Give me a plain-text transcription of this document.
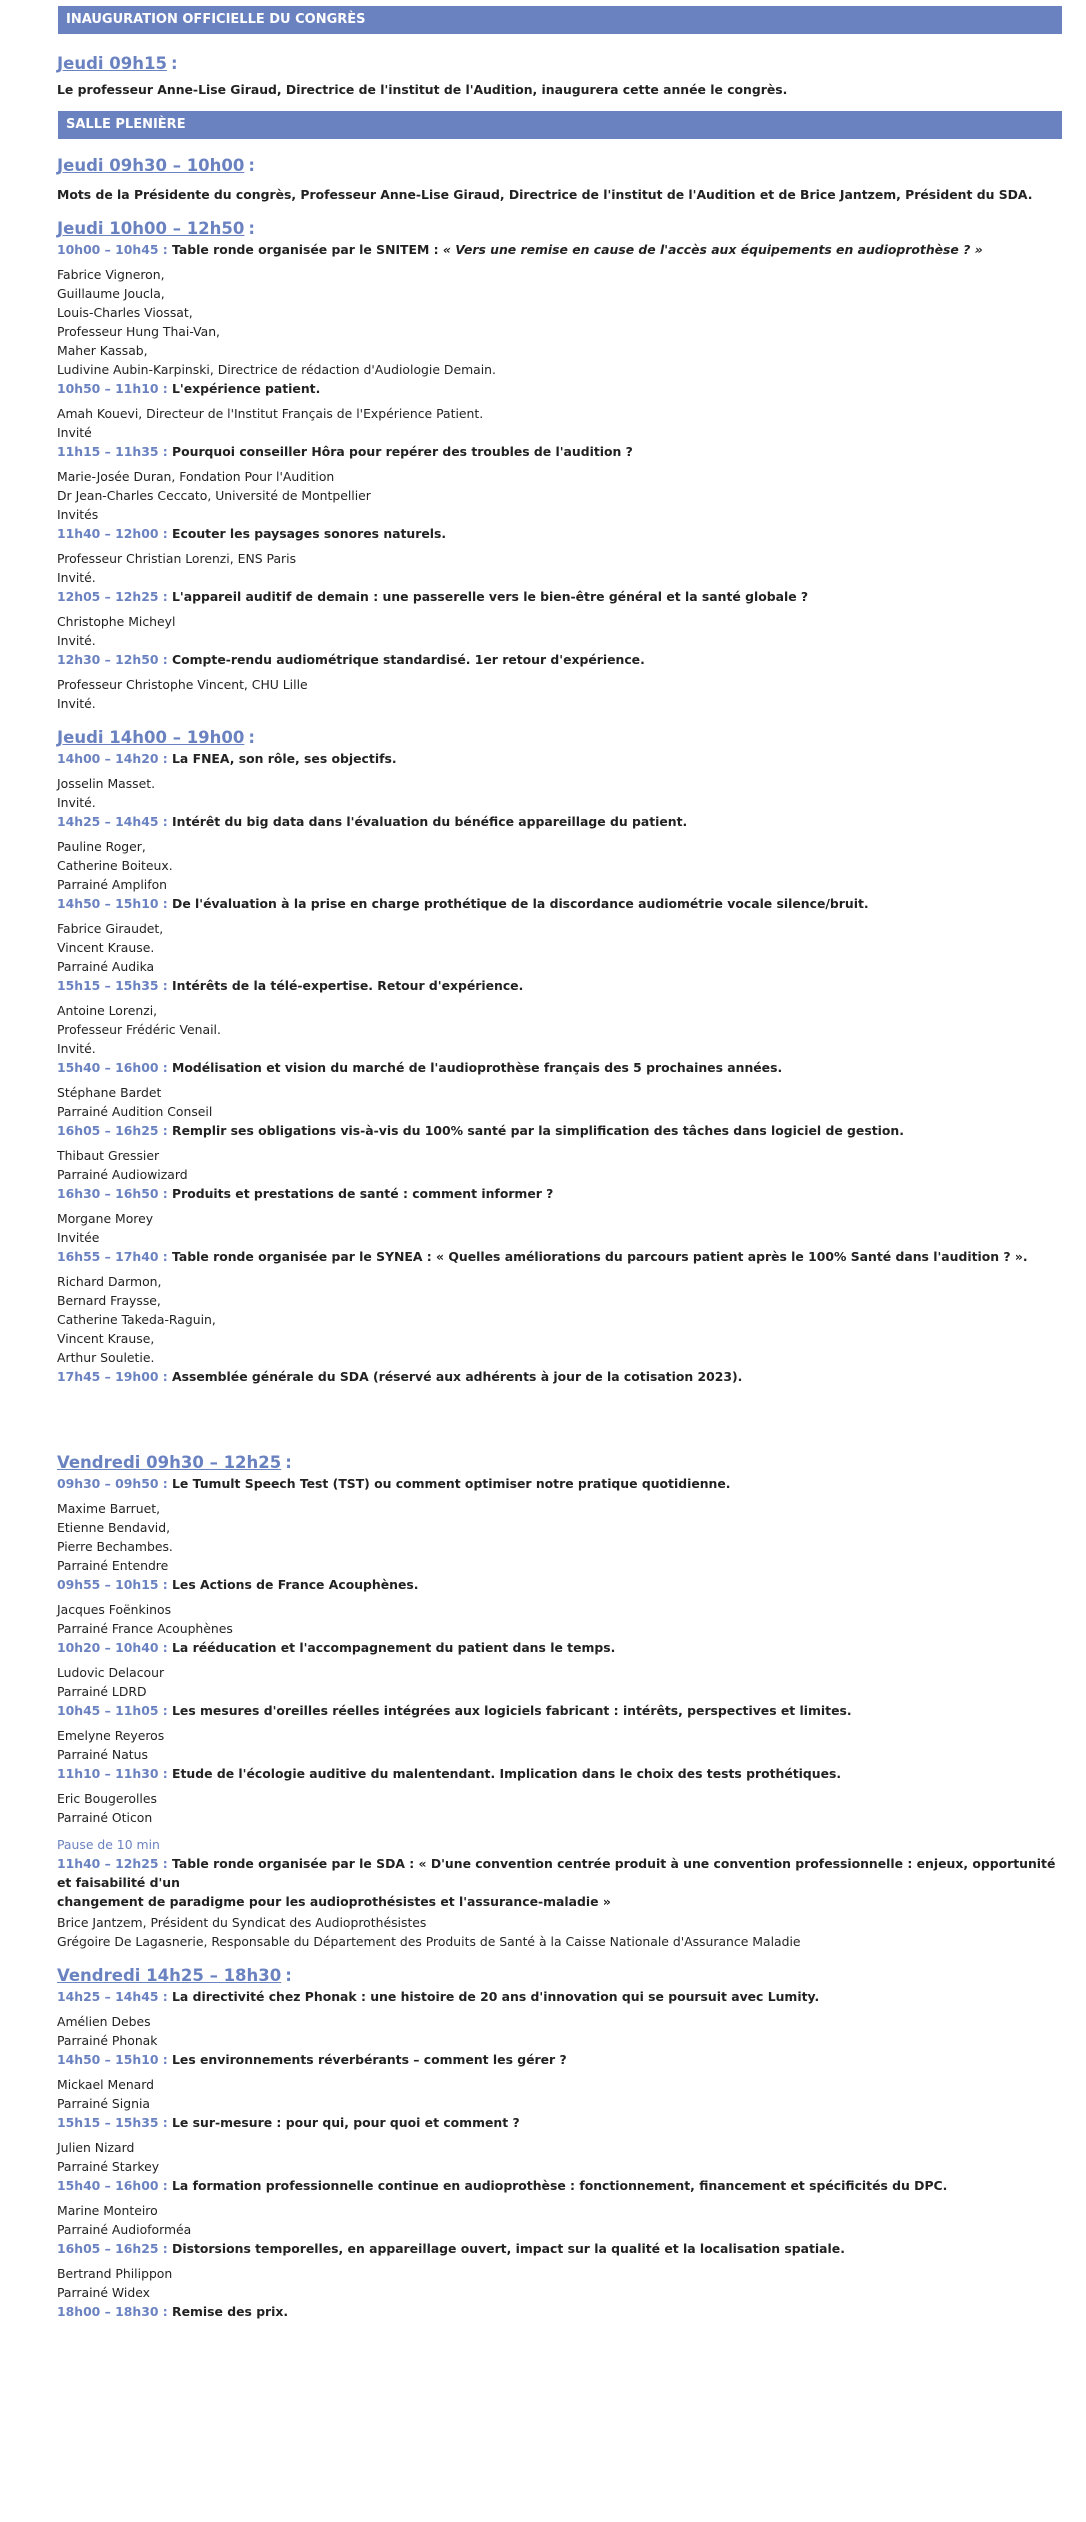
INAUGURATION OFFICIELLE DU CONGRÈS

Jeudi 09h15 :

Le professeur Anne-Lise Giraud, Directrice de l'institut de l'Audition, inaugurera cette année le congrès.

SALLE PLENIÈRE

Jeudi 09h30 – 10h00 :

Mots de la Présidente du congrès, Professeur Anne-Lise Giraud, Directrice de l'institut de l'Audition et de Brice Jantzem, Président du SDA.

Jeudi 10h00 – 12h50 :

10h00 – 10h45 : Table ronde organisée par le SNITEM : « Vers une remise en cause de l'accès aux équipements en audioprothèse ? »

Fabrice Vigneron,

Guillaume Joucla,

Louis-Charles Viossat,

Professeur Hung Thai-Van,

Maher Kassab,

Ludivine Aubin-Karpinski, Directrice de rédaction d'Audiologie Demain.

10h50 – 11h10 : L'expérience patient.

Amah Kouevi, Directeur de l'Institut Français de l'Expérience Patient.

Invité

11h15 – 11h35 : Pourquoi conseiller Hôra pour repérer des troubles de l'audition ?

Marie-Josée Duran, Fondation Pour l'Audition

Dr Jean-Charles Ceccato, Université de Montpellier

Invités

11h40 – 12h00 : Ecouter les paysages sonores naturels.

Professeur Christian Lorenzi, ENS Paris

Invité.

12h05 – 12h25 : L'appareil auditif de demain : une passerelle vers le bien-être général et la santé globale ?

Christophe Micheyl

Invité.

12h30 – 12h50 : Compte-rendu audiométrique standardisé. 1er retour d'expérience.

Professeur Christophe Vincent, CHU Lille

Invité.

Jeudi 14h00 – 19h00 :

14h00 – 14h20 : La FNEA, son rôle, ses objectifs.

Josselin Masset.

Invité.

14h25 – 14h45 : Intérêt du big data dans l'évaluation du bénéfice appareillage du patient.

Pauline Roger,

Catherine Boiteux.

Parrainé Amplifon

14h50 – 15h10 : De l'évaluation à la prise en charge prothétique de la discordance audiométrie vocale silence/bruit.

Fabrice Giraudet,

Vincent Krause.

Parrainé Audika

15h15 – 15h35 : Intérêts de la télé-expertise. Retour d'expérience.

Antoine Lorenzi,

Professeur Frédéric Venail.

Invité.

15h40 – 16h00 : Modélisation et vision du marché de l'audioprothèse français des 5 prochaines années.

Stéphane Bardet

Parrainé Audition Conseil

16h05 – 16h25 : Remplir ses obligations vis-à-vis du 100% santé par la simplification des tâches dans logiciel de gestion.

Thibaut Gressier

Parrainé Audiowizard

16h30 – 16h50 : Produits et prestations de santé : comment informer ?

Morgane Morey

Invitée

16h55 – 17h40 : Table ronde organisée par le SYNEA : « Quelles améliorations du parcours patient après le 100% Santé dans l'audition ? ».

Richard Darmon,

Bernard Fraysse,

Catherine Takeda-Raguin,

Vincent Krause,

Arthur Souletie.

17h45 – 19h00 : Assemblée générale du SDA (réservé aux adhérents à jour de la cotisation 2023).

Vendredi 09h30 – 12h25 :

09h30 – 09h50 : Le Tumult Speech Test (TST) ou comment optimiser notre pratique quotidienne.

Maxime Barruet,

Etienne Bendavid,

Pierre Bechambes.

Parrainé Entendre

09h55 – 10h15 : Les Actions de France Acouphènes.

Jacques Foënkinos

Parrainé France Acouphènes

10h20 – 10h40 : La rééducation et l'accompagnement du patient dans le temps.

Ludovic Delacour

Parrainé LDRD

10h45 – 11h05 : Les mesures d'oreilles réelles intégrées aux logiciels fabricant : intérêts, perspectives et limites.

Emelyne Reyeros

Parrainé Natus

11h10 – 11h30 : Etude de l'écologie auditive du malentendant. Implication dans le choix des tests prothétiques.

Eric Bougerolles

Parrainé Oticon

Pause de 10 min

11h40 – 12h25 : Table ronde organisée par le SDA : « D'une convention centrée produit à une convention professionnelle : enjeux, opportunité et faisabilité d'un
changement de paradigme pour les audioprothésistes et l'assurance-maladie »

Brice Jantzem, Président du Syndicat des Audioprothésistes

Grégoire De Lagasnerie, Responsable du Département des Produits de Santé à la Caisse Nationale d'Assurance Maladie

Vendredi 14h25 – 18h30 :

14h25 – 14h45 : La directivité chez Phonak : une histoire de 20 ans d'innovation qui se poursuit avec Lumity.

Amélien Debes

Parrainé Phonak

14h50 – 15h10 : Les environnements réverbérants – comment les gérer ?

Mickael Menard

Parrainé Signia

15h15 – 15h35 : Le sur-mesure : pour qui, pour quoi et comment ?

Julien Nizard

Parrainé Starkey

15h40 – 16h00 : La formation professionnelle continue en audioprothèse : fonctionnement, financement et spécificités du DPC.

Marine Monteiro

Parrainé Audioforméa

16h05 – 16h25 : Distorsions temporelles, en appareillage ouvert, impact sur la qualité et la localisation spatiale.

Bertrand Philippon

Parrainé Widex

18h00 – 18h30 : Remise des prix.
